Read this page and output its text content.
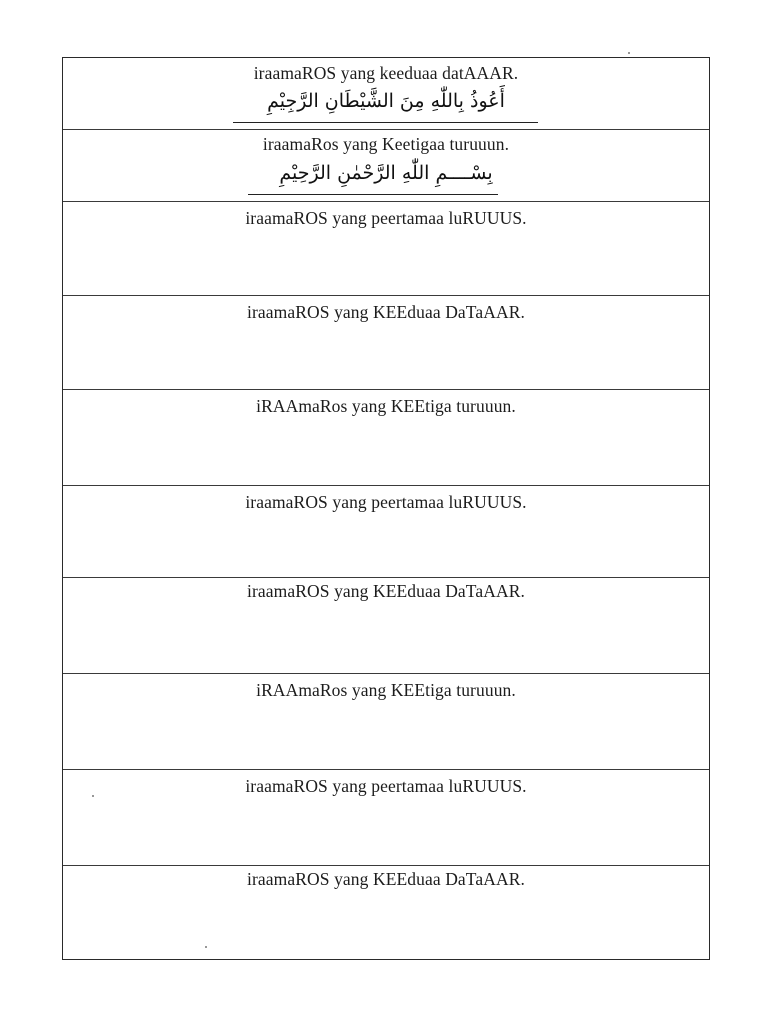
iraamaROS yang keeduaa datAAAR.
أَعُوذُ بِاللّٰهِ مِنَ الشَّيْطَانِ الرَّجِيْمِ
iraamaRos yang Keetigaa turuuun.
بِسْــــمِ اللّٰهِ الرَّحْمٰنِ الرَّحِيْمِ
iraamaROS yang peertamaa luRUUUS.
iraamaROS yang KEEduaa DaTaAAR.
iRAAmaRos yang KEEtiga turuuun.
iraamaROS yang peertamaa luRUUUS.
iraamaROS yang KEEduaa DaTaAAR.
iRAAmaRos yang KEEtiga turuuun.
iraamaROS yang peertamaa luRUUUS.
iraamaROS yang KEEduaa DaTaAAR.
